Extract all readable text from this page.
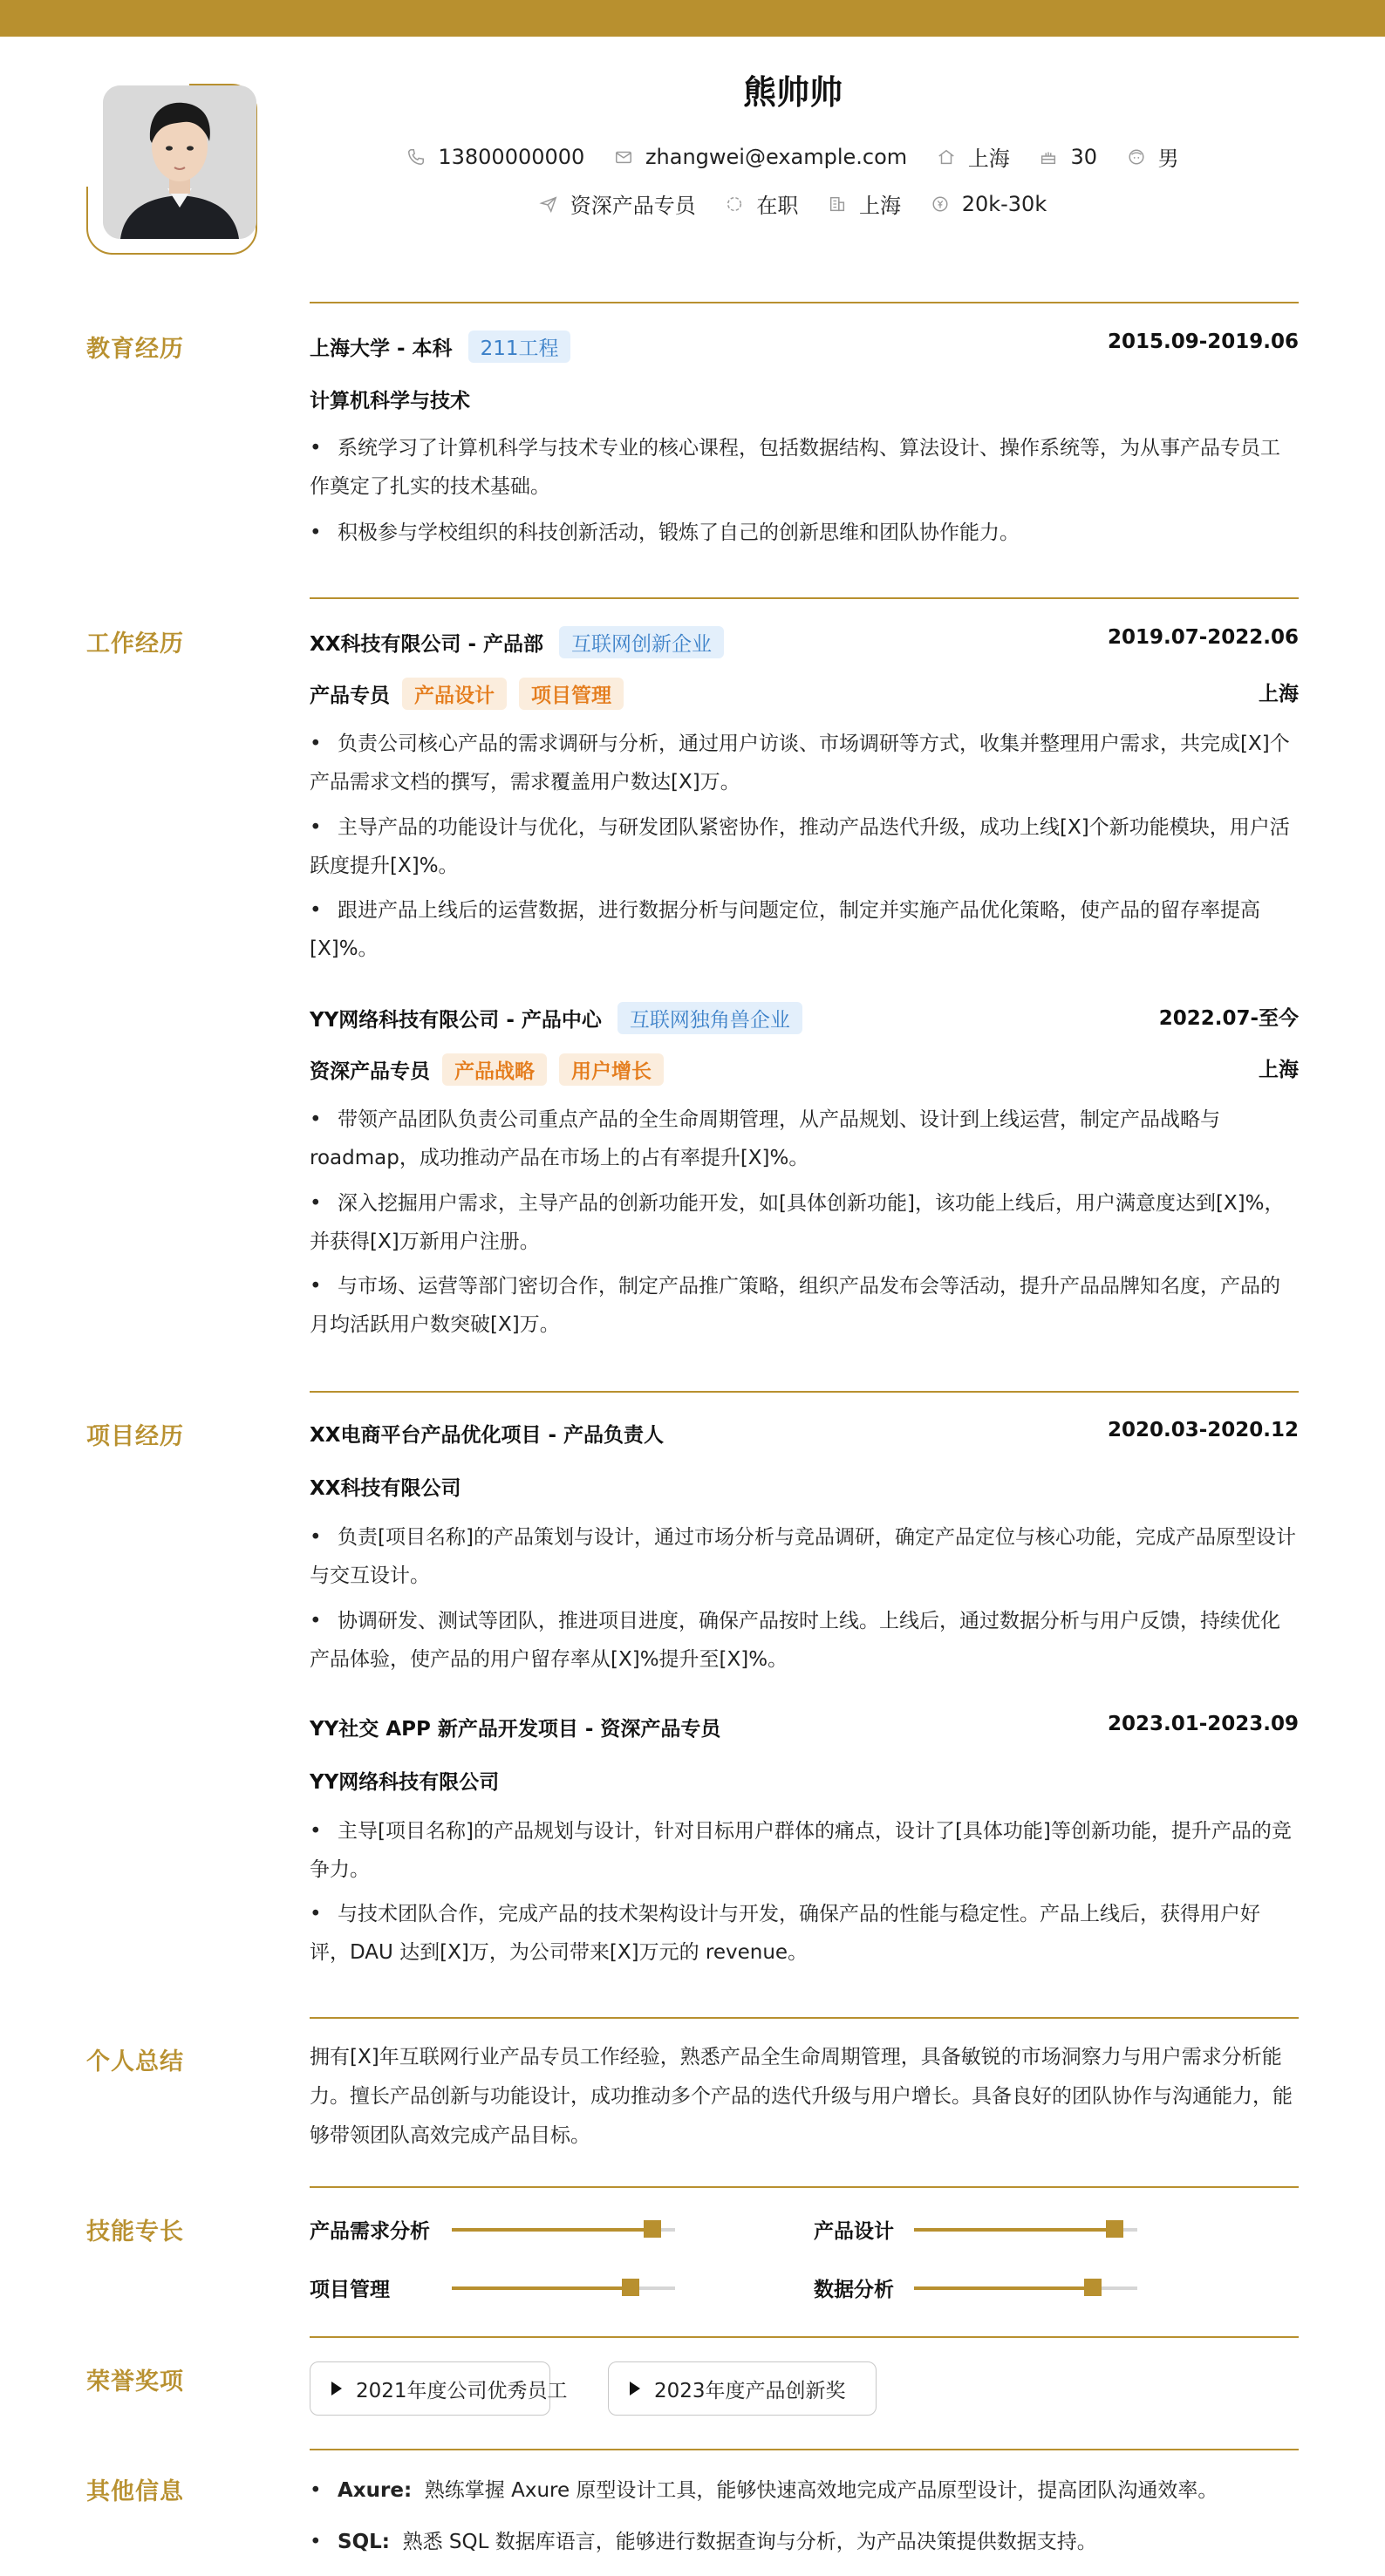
熊帅帅
13800000000
	zhangwei@example.com
	上海
	30
	男
资深产品专员
	在职
	上海
	20k-30k
教育经历	上海大学 - 本科 211工程	2015.09-2019.06
计算机科学与技术
• 系统学习了计算机科学与技术专业的核心课程，包括数据结构、算法设计、操作系统等，为从事产品专员工作奠定了扎实的技术基础。
• 积极参与学校组织的科技创新活动，锻炼了自己的创新思维和团队协作能力。
工作经历	XX科技有限公司 - 产品部 互联网创新企业	2019.07-2022.06
产品专员 产品设计 项目管理	上海
• 负责公司核心产品的需求调研与分析，通过用户访谈、市场调研等方式，收集并整理用户需求，共完成[X]个产品需求文档的撰写，需求覆盖用户数达[X]万。
• 主导产品的功能设计与优化，与研发团队紧密协作，推动产品迭代升级，成功上线[X]个新功能模块，用户活跃度提升[X]%。
• 跟进产品上线后的运营数据，进行数据分析与问题定位，制定并实施产品优化策略，使产品的留存率提高[X]%。
YY网络科技有限公司 - 产品中心 互联网独角兽企业	2022.07-至今
资深产品专员 产品战略 用户增长	上海
• 带领产品团队负责公司重点产品的全生命周期管理，从产品规划、设计到上线运营，制定产品战略与roadmap，成功推动产品在市场上的占有率提升[X]%。
• 深入挖掘用户需求，主导产品的创新功能开发，如[具体创新功能]，该功能上线后，用户满意度达到[X]%，并获得[X]万新用户注册。
• 与市场、运营等部门密切合作，制定产品推广策略，组织产品发布会等活动，提升产品品牌知名度，产品的月均活跃用户数突破[X]万。
项目经历	XX电商平台产品优化项目 - 产品负责人	2020.03-2020.12
XX科技有限公司
• 负责[项目名称]的产品策划与设计，通过市场分析与竞品调研，确定产品定位与核心功能，完成产品原型设计与交互设计。
• 协调研发、测试等团队，推进项目进度，确保产品按时上线。上线后，通过数据分析与用户反馈，持续优化产品体验，使产品的用户留存率从[X]%提升至[X]%。
YY社交 APP 新产品开发项目 - 资深产品专员	2023.01-2023.09
YY网络科技有限公司
• 主导[项目名称]的产品规划与设计，针对目标用户群体的痛点，设计了[具体功能]等创新功能，提升产品的竞争力。
• 与技术团队合作，完成产品的技术架构设计与开发，确保产品的性能与稳定性。产品上线后，获得用户好评，DAU 达到[X]万，为公司带来[X]万元的 revenue。
个人总结	拥有[X]年互联网行业产品专员工作经验，熟悉产品全生命周期管理，具备敏锐的市场洞察力与用户需求分析能力。擅长产品创新与功能设计，成功推动多个产品的迭代升级与用户增长。具备良好的团队协作与沟通能力，能够带领团队高效完成产品目标。
技能专长	产品需求分析	产品设计
项目管理	数据分析
荣誉奖项	2021年度公司优秀员工	2023年度产品创新奖
其他信息
•	Axure: 熟练掌握 Axure 原型设计工具，能够快速高效地完成产品原型设计，提高团队沟通效率。
• SQL: 熟悉 SQL 数据库语言，能够进行数据查询与分析，为产品决策提供数据支持。
